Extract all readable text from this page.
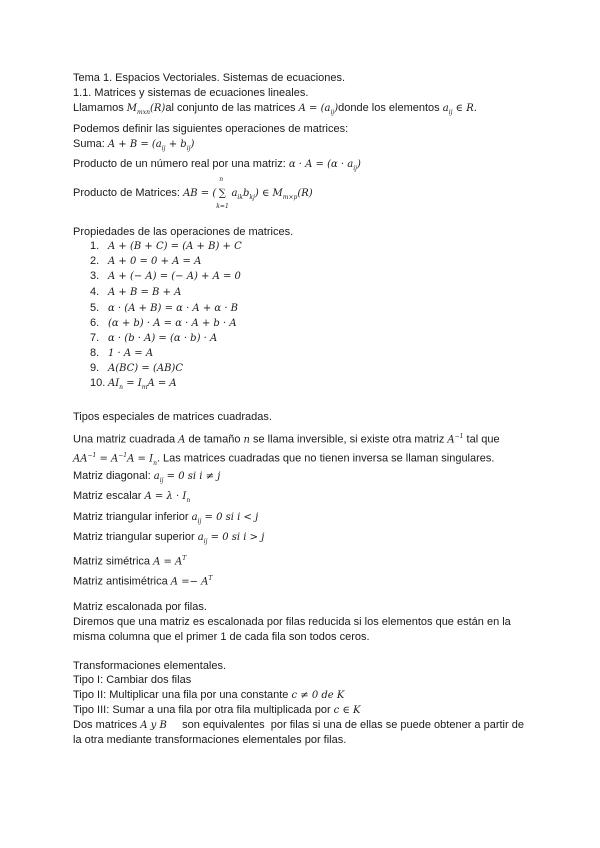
Tema 1. Espacios Vectoriales. Sistemas de ecuaciones.
1.1. Matrices y sistemas de ecuaciones lineales.
Llamamos $M_{mxn}(R)al$ conjunto de las matrices $A = (a_{ij})donde$ los elementos $a_{ij}$ ∈ R.
Podemos definir las siguientes operaciones de matrices:
Suma: $A + B = (a_{ij} + b_{ij})$
Producto de un número real por una matriz: $\alpha \cdot A = (\alpha \cdot a_{ij})$
Producto de Matrices: AB = (
n
∑
k=1
$a_{ik}b_{kj}$) ∈ $M_{m\times p}(R)$
Propiedades de las operaciones de matrices.
1. A + (B + C) = (A + B) + C
2. A + 0 = 0 + A = A
3. A + (− A) = (− A) + A = 0
4. A + B = B + A
5. α · (A + B) = α · A + α · B
6. (α + b) · A = α · A + b · A
7. α · (b · A) = (α · b) · A
8. 1 · A = A
9. A(BC) = (AB)C
10. $AI_n = I_mA = A$
Tipos especiales de matrices cuadradas.
Una matriz cuadrada A de tamaño n se llama inversible, si existe otra matriz $A^{-1}$ tal que
$AA^{-1} = A^{-1}A = I_n$. Las matrices cuadradas que no tienen inversa se llaman singulares.
Matriz diagonal: $a_{ij} = 0$ si i ≠ j
Matriz escalar $A = \lambda \cdot I_n$
Matriz triangular inferior $a_{ij} = 0$ si i < j
Matriz triangular superior $a_{ij} = 0$ si i > j
Matriz simétrica $A = A^T$
Matriz antisimétrica $A =- A^T$
Matriz escalonada por filas.
Diremos que una matriz es escalonada por filas reducida si los elementos que están en la
misma columna que el primer 1 de cada fila son todos ceros.
Transformaciones elementales.
Tipo I: Cambiar dos filas
Tipo II: Multiplicar una fila por una constante c ≠ 0 de K
Tipo III: Sumar a una fila por otra fila multiplicada por c ∈ K
Dos matrices A y B     son equivalentes  por filas si una de ellas se puede obtener a partir de
la otra mediante transformaciones elementales por filas.
